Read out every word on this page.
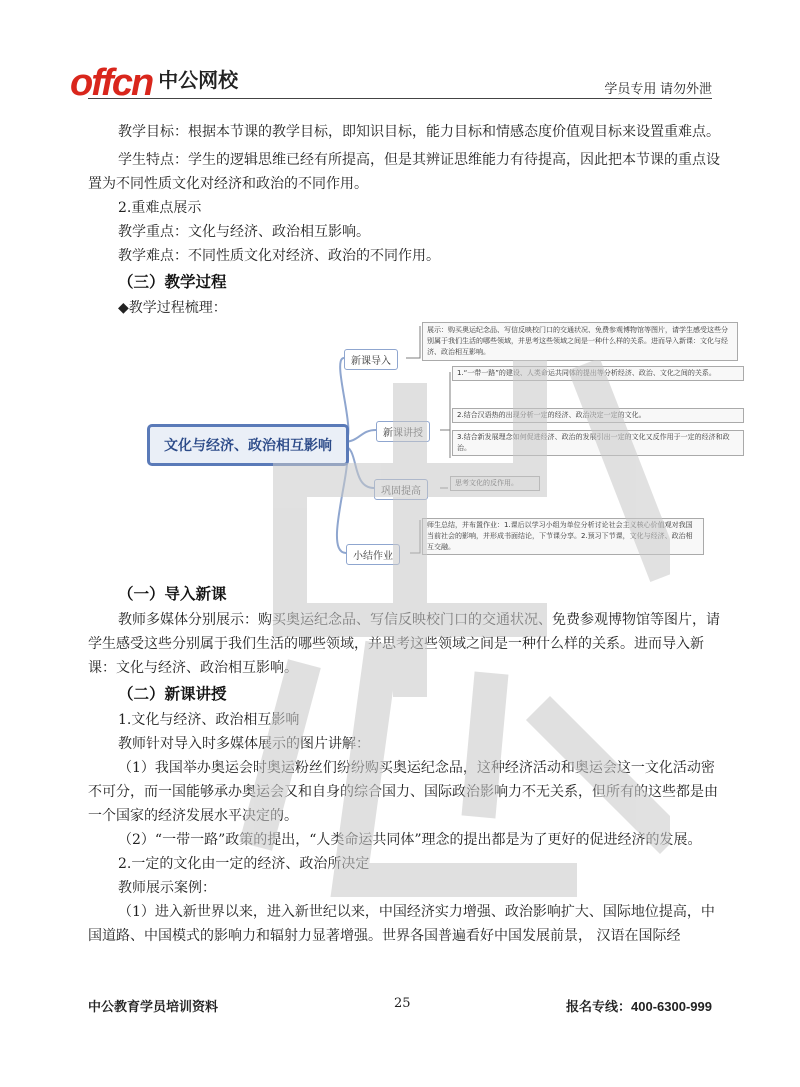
offcn 中公网校	学员专用 请勿外泄
教学目标：根据本节课的教学目标，即知识目标，能力目标和情感态度价值观目标来设置重难点。
学生特点：学生的逻辑思维已经有所提高，但是其辨证思维能力有待提高，因此把本节课的重点设置为不同性质文化对经济和政治的不同作用。
2.重难点展示
教学重点：文化与经济、政治相互影响。
教学难点：不同性质文化对经济、政治的不同作用。
（三）教学过程
◆教学过程梳理：
文化与经济、政治相互影响
新课导入
展示：购买奥运纪念品、写信反映校门口的交通状况、免费参观博物馆等图片，请学生感受这些分别属于我们生活的哪些领域，并思考这些领域之间是一种什么样的关系。进而导入新课：文化与经济、政治相互影响。
新课讲授
1.“一带一路”的建设、人类命运共同体的提出等分析经济、政治、文化之间的关系。
2.结合汉语热的出现分析一定的经济、政治决定一定的文化。
3.结合新发展理念如何促进经济、政治的发展引出一定的文化又反作用于一定的经济和政治。
巩固提高
思考文化的反作用。
小结作业
师生总结，并布置作业：1.课后以学习小组为单位分析讨论社会主义核心价值观对我国当前社会的影响，并形成书面结论，下节课分享。2.预习下节课，文化与经济、政治相互交融。
（一）导入新课
教师多媒体分别展示：购买奥运纪念品、写信反映校门口的交通状况、免费参观博物馆等图片，请学生感受这些分别属于我们生活的哪些领域，并思考这些领域之间是一种什么样的关系。进而导入新课：文化与经济、政治相互影响。
（二）新课讲授
1.文化与经济、政治相互影响
教师针对导入时多媒体展示的图片讲解：
（1）我国举办奥运会时奥运粉丝们纷纷购买奥运纪念品，这种经济活动和奥运会这一文化活动密不可分，而一国能够承办奥运会又和自身的综合国力、国际政治影响力不无关系，但所有的这些都是由一个国家的经济发展水平决定的。
（2）“一带一路”政策的提出，“人类命运共同体”理念的提出都是为了更好的促进经济的发展。
2.一定的文化由一定的经济、政治所决定
教师展示案例：
（1）进入新世界以来，进入新世纪以来，中国经济实力增强、政治影响扩大、国际地位提高，中国道路、中国模式的影响力和辐射力显著增强。世界各国普遍看好中国发展前景， 汉语在国际经
中公教育学员培训资料	25	报名专线：400-6300-999
